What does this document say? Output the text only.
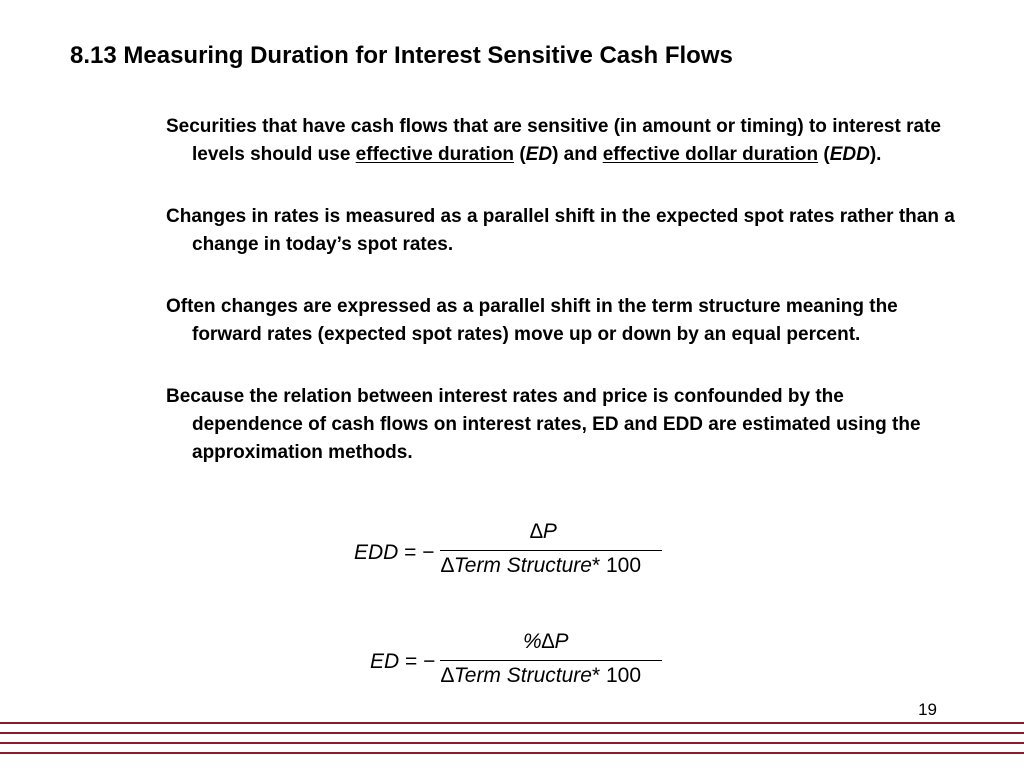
8.13 Measuring Duration for Interest Sensitive Cash Flows
Securities that have cash flows that are sensitive (in amount or timing) to interest rate levels should use effective duration (ED) and effective dollar duration (EDD).
Changes in rates is measured as a parallel shift in the expected spot rates rather than a change in today’s spot rates.
Often changes are expressed as a parallel shift in the term structure meaning the forward rates (expected spot rates) move up or down by an equal percent.
Because the relation between interest rates and price is confounded by the dependence of cash flows on interest rates, ED and EDD are estimated using the approximation methods.
EDD = −
∆P
∆Term Structure* 100
ED = −
%∆P
∆Term Structure* 100
19
